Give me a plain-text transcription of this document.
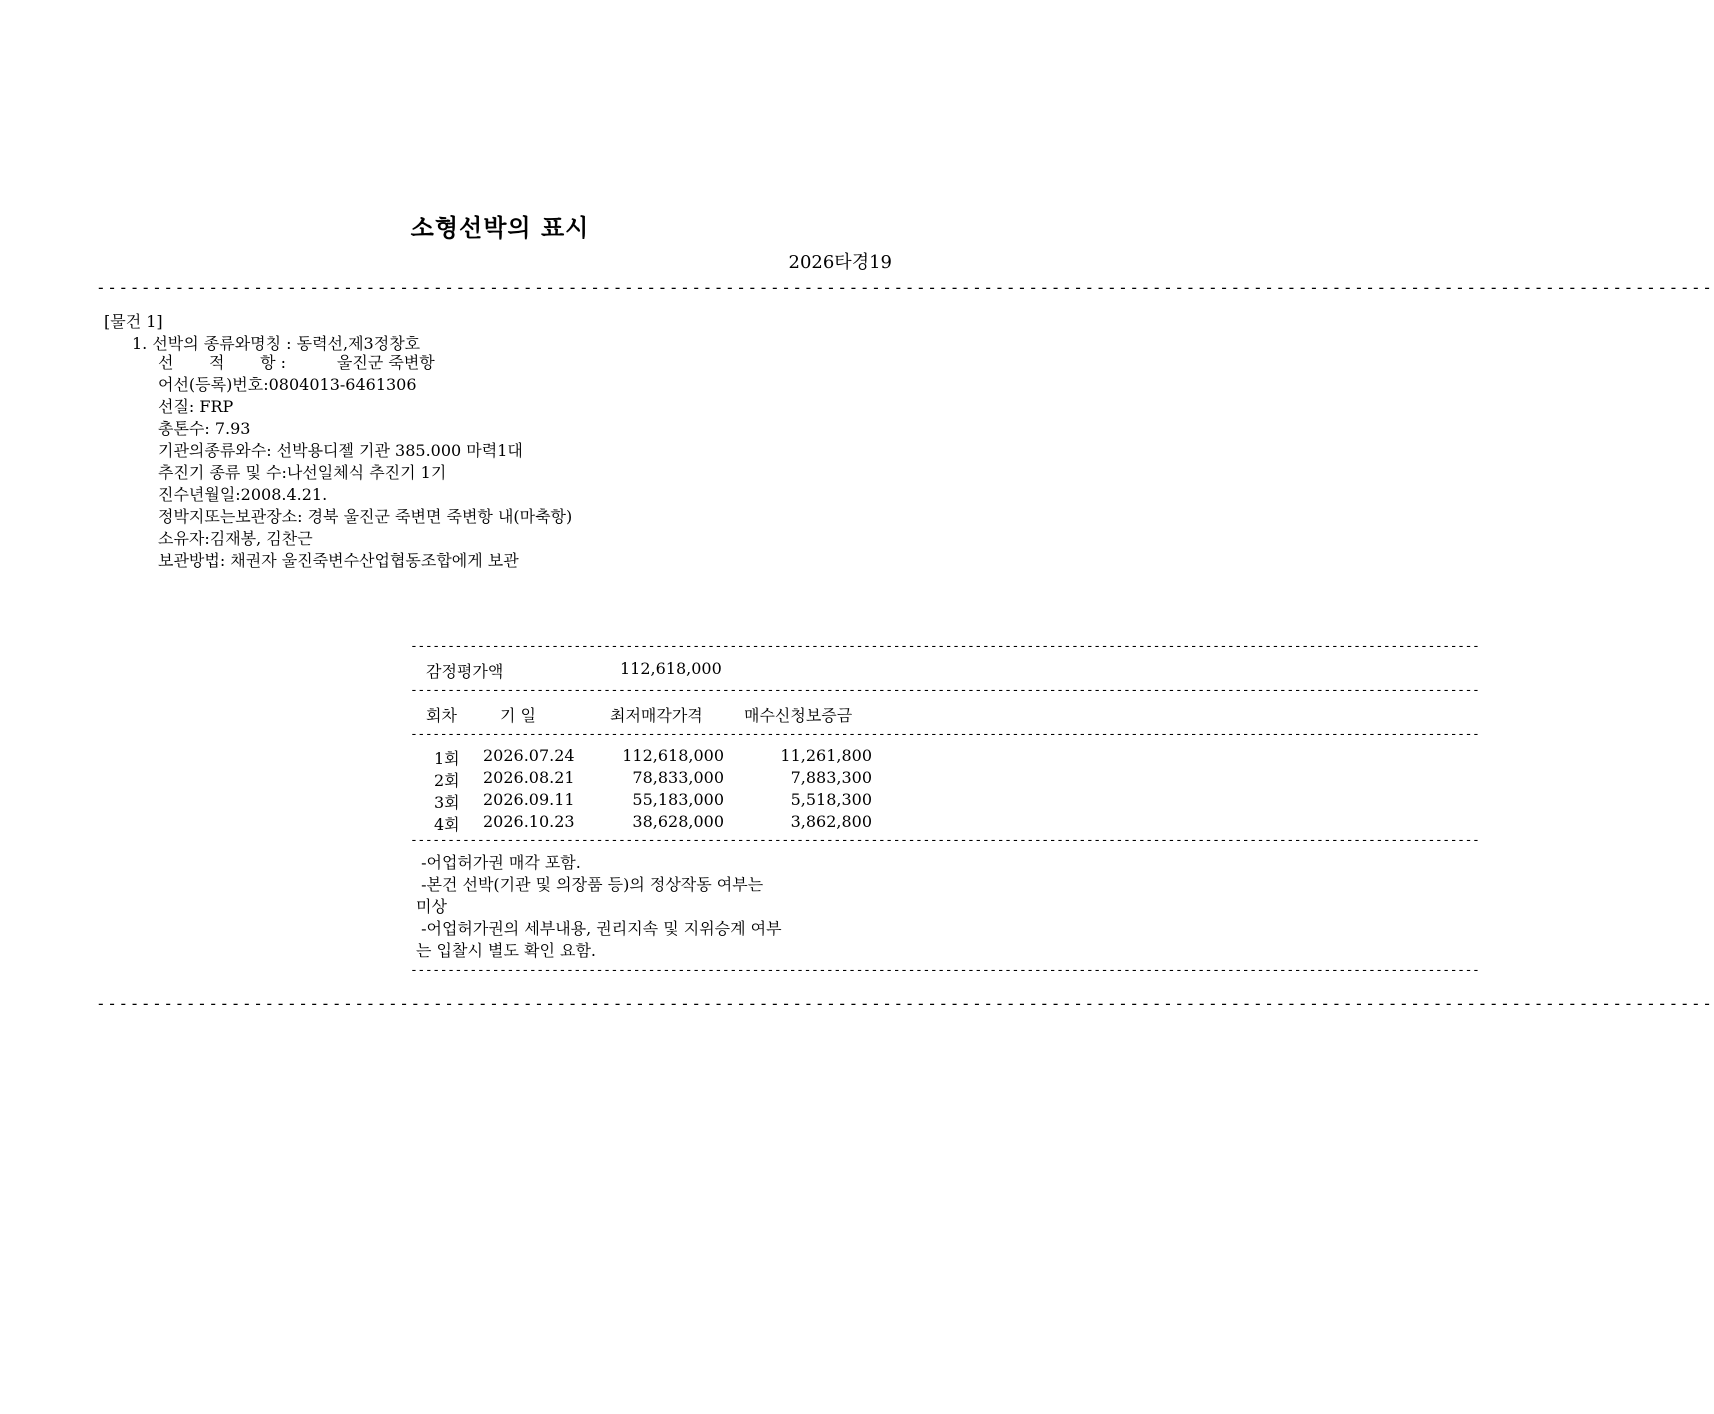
소형선박의 표시
2026타경19
------------------------------------------------------------------------------------------------------------------------------------------------
[물건 1]
1. 선박의 종류와명칭 : 동력선,제3정창호
선       적       항 :          울진군 죽변항
어선(등록)번호:0804013-6461306
선질: FRP
총톤수: 7.93
기관의종류와수: 선박용디젤 기관 385.000 마력1대
추진기 종류 및 수:나선일체식 추진기 1기
진수년월일:2008.4.21.
정박지또는보관장소: 경북 울진군 죽변면 죽변항 내(마축항)
소유자:김재봉, 김찬근
보관방법: 채권자 울진죽변수산업협동조합에게 보관
------------------------------------------------------------------------------------------------------------------------------------------------
감정평가액	112,618,000
------------------------------------------------------------------------------------------------------------------------------------------------
회차	기 일	최저매각가격	매수신청보증금
------------------------------------------------------------------------------------------------------------------------------------------------
1회 2026.07.24	112,618,000	11,261,800
2회 2026.08.21	78,833,000	7,883,300
3회 2026.09.11	55,183,000	5,518,300
4회 2026.10.23	38,628,000	3,862,800
------------------------------------------------------------------------------------------------------------------------------------------------
-어업허가권 매각 포함.
-본건 선박(기관 및 의장품 등)의 정상작동 여부는
미상
-어업허가권의 세부내용, 권리지속 및 지위승계 여부
는 입찰시 별도 확인 요함.
------------------------------------------------------------------------------------------------------------------------------------------------
------------------------------------------------------------------------------------------------------------------------------------------------
